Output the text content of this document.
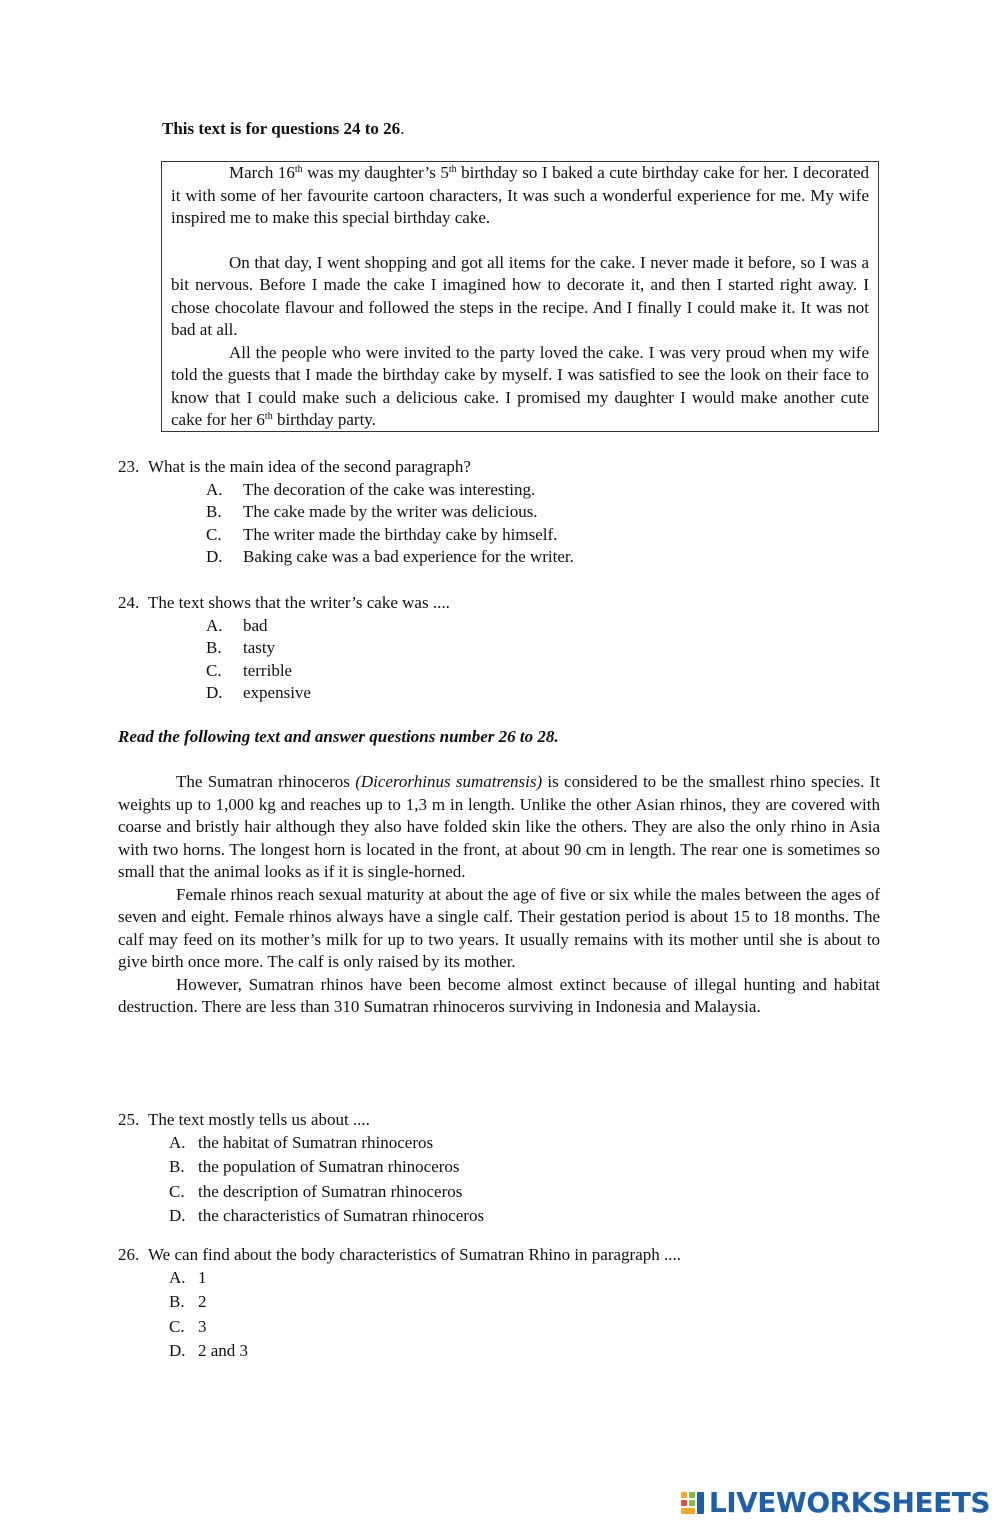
This text is for questions 24 to 26.

March 16th was my daughter’s 5th birthday so I baked a cute birthday cake for her. I decorated it with some of her favourite cartoon characters, It was such a wonderful experience for me. My wife inspired me to make this special birthday cake.

On that day, I went shopping and got all items for the cake. I never made it before, so I was a bit nervous. Before I made the cake I imagined how to decorate it, and then I started right away. I chose chocolate flavour and followed the steps in the recipe. And I finally I could make it. It was not bad at all.

All the people who were invited to the party loved the cake. I was very proud when my wife told the guests that I made the birthday cake by myself. I was satisfied to see the look on their face to know that I could make such a delicious cake. I promised my daughter I would make another cute cake for her 6th birthday party.

23. What is the main idea of the second paragraph?
A.	The decoration of the cake was interesting.
B.	The cake made by the writer was delicious.
C.	The writer made the birthday cake by himself.
D.	Baking cake was a bad experience for the writer.
24. The text shows that the writer’s cake was ....
A.	bad
B.	tasty
C.	terrible
D.	expensive
Read the following text and answer questions number 26 to 28.

The Sumatran rhinoceros (Dicerorhinus sumatrensis) is considered to be the smallest rhino species. It weights up to 1,000 kg and reaches up to 1,3 m in length. Unlike the other Asian rhinos, they are covered with coarse and bristly hair although they also have folded skin like the others. They are also the only rhino in Asia with two horns. The longest horn is located in the front, at about 90 cm in length. The rear one is sometimes so small that the animal looks as if it is single-horned.

Female rhinos reach sexual maturity at about the age of five or six while the males between the ages of seven and eight. Female rhinos always have a single calf. Their gestation period is about 15 to 18 months. The calf may feed on its mother’s milk for up to two years. It usually remains with its mother until she is about to give birth once more. The calf is only raised by its mother.

However, Sumatran rhinos have been become almost extinct because of illegal hunting and habitat destruction. There are less than 310 Sumatran rhinoceros surviving in Indonesia and Malaysia.

25. The text mostly tells us about ....
A. the habitat of Sumatran rhinoceros
B. the population of Sumatran rhinoceros
C. the description of Sumatran rhinoceros
D. the characteristics of Sumatran rhinoceros
26. We can find about the body characteristics of Sumatran Rhino in paragraph ....
A. 1
B. 2
C. 3
D. 2 and 3
LIVEWORKSHEETS
